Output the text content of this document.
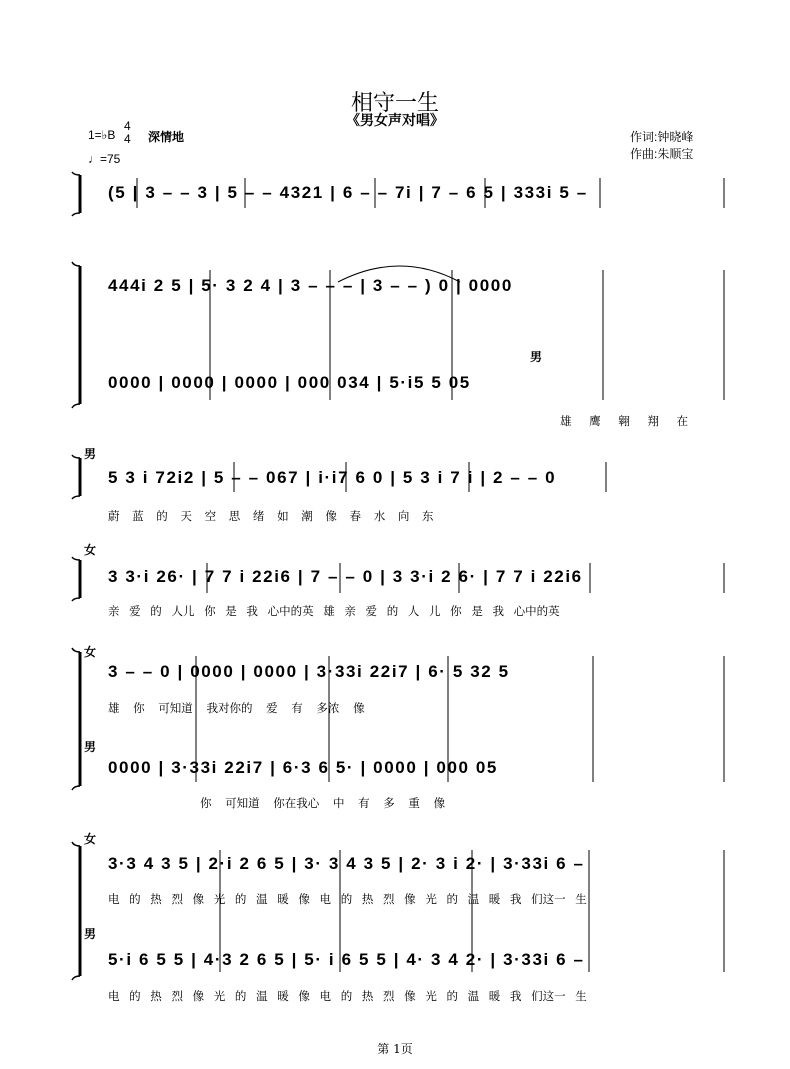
相守一生
《男女声对唱》
1=♭B
4
4 深情地
♩=75
作词:钟晓峰
作曲:朱顺宝
(5 | 3 – – 3 | 5 – – 4321 | 6 – – 7i | 7 – 6 5 | 333i 5 –
444i 2 5 | 5· 3 2 4 | 3 – – – | 3 – – ) 0 | 0000
男
0000 | 0000 | 0000 | 000 034 | 5·i5 5 05
雄 鹰 翱 翔 在
男
5 3 i 72i2 | 5 – – 067 | i·i7 6 0 | 5 3 i 7 i | 2 – – 0
蔚 蓝 的 天 空 思 绪 如 潮 像 春 水 向 东
女
3 3·i 26· | 7 7 i 22i6 | 7 – – 0 | 3 3·i 2 6· | 7 7 i 22i6
亲 爱 的 人儿 你 是 我 心中的英 雄 亲 爱 的 人 儿 你 是 我 心中的英
女
3 – – 0 | 0000 | 0000 | 3·33i 22i7 | 6· 5 32 5
雄 你 可知道 我对你的 爱 有 多浓 像
男
0000 | 3·33i 22i7 | 6·3 6 5· | 0000 | 000 05
你 可知道 你在我心 中 有 多 重 像
女
3·3 4 3 5 | 2·i 2 6 5 | 3· 3 4 3 5 | 2· 3 i 2· | 3·33i 6 –
电 的 热 烈 像 光 的 温 暖 像 电 的 热 烈 像 光 的 温 暖 我 们这一 生
男
5·i 6 5 5 | 4·3 2 6 5 | 5· i 6 5 5 | 4· 3 4 2· | 3·33i 6 –
电 的 热 烈 像 光 的 温 暖 像 电 的 热 烈 像 光 的 温 暖 我 们这一 生
第 1页
